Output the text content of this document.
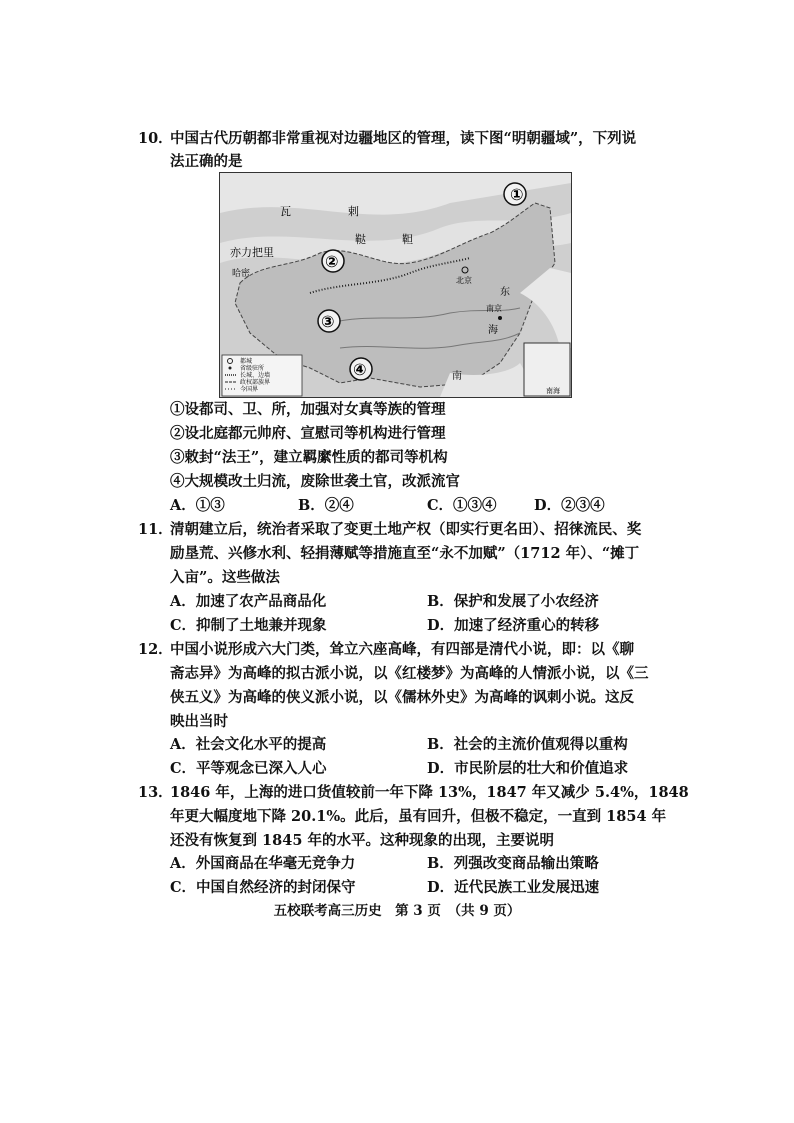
10．
中国古代历朝都非常重视对边疆地区的管理，读下图“明朝疆域”，下列说
法正确的是
①
②
③
④
瓦	剌
鞑	靼
亦力把里
哈密
北京
南京
东
海
南
南海
都城
省级驻所
长城、边墙
政权部族界
今国界
①设都司、卫、所，加强对女真等族的管理
②设北庭都元帅府、宣慰司等机构进行管理
③敕封“法王”，建立羁縻性质的都司等机构
④大规模改土归流，废除世袭土官，改派流官
A．①③	B．②④	C．①③④	D．②③④
11．
清朝建立后，统治者采取了变更土地产权（即实行更名田）、招徕流民、奖
励垦荒、兴修水利、轻捐薄赋等措施直至“永不加赋”（1712 年）、“摊丁
入亩”。这些做法
A．加速了农产品商品化	B．保护和发展了小农经济
C．抑制了土地兼并现象	D．加速了经济重心的转移
12．
中国小说形成六大门类，耸立六座高峰，有四部是清代小说，即：以《聊
斋志异》为高峰的拟古派小说，以《红楼梦》为高峰的人情派小说，以《三
侠五义》为高峰的侠义派小说，以《儒林外史》为高峰的讽刺小说。这反
映出当时
A．社会文化水平的提高	B．社会的主流价值观得以重构
C．平等观念已深入人心	D．市民阶层的壮大和价值追求
13．
1846 年，上海的进口货值较前一年下降 13%，1847 年又减少 5.4%，1848
年更大幅度地下降 20.1%。此后，虽有回升，但极不稳定，一直到 1854 年
还没有恢复到 1845 年的水平。这种现象的出现，主要说明
A．外国商品在华毫无竞争力	B．列强改变商品输出策略
C．中国自然经济的封闭保守	D．近代民族工业发展迅速
五校联考高三历史　第 3 页　（共 9 页）
